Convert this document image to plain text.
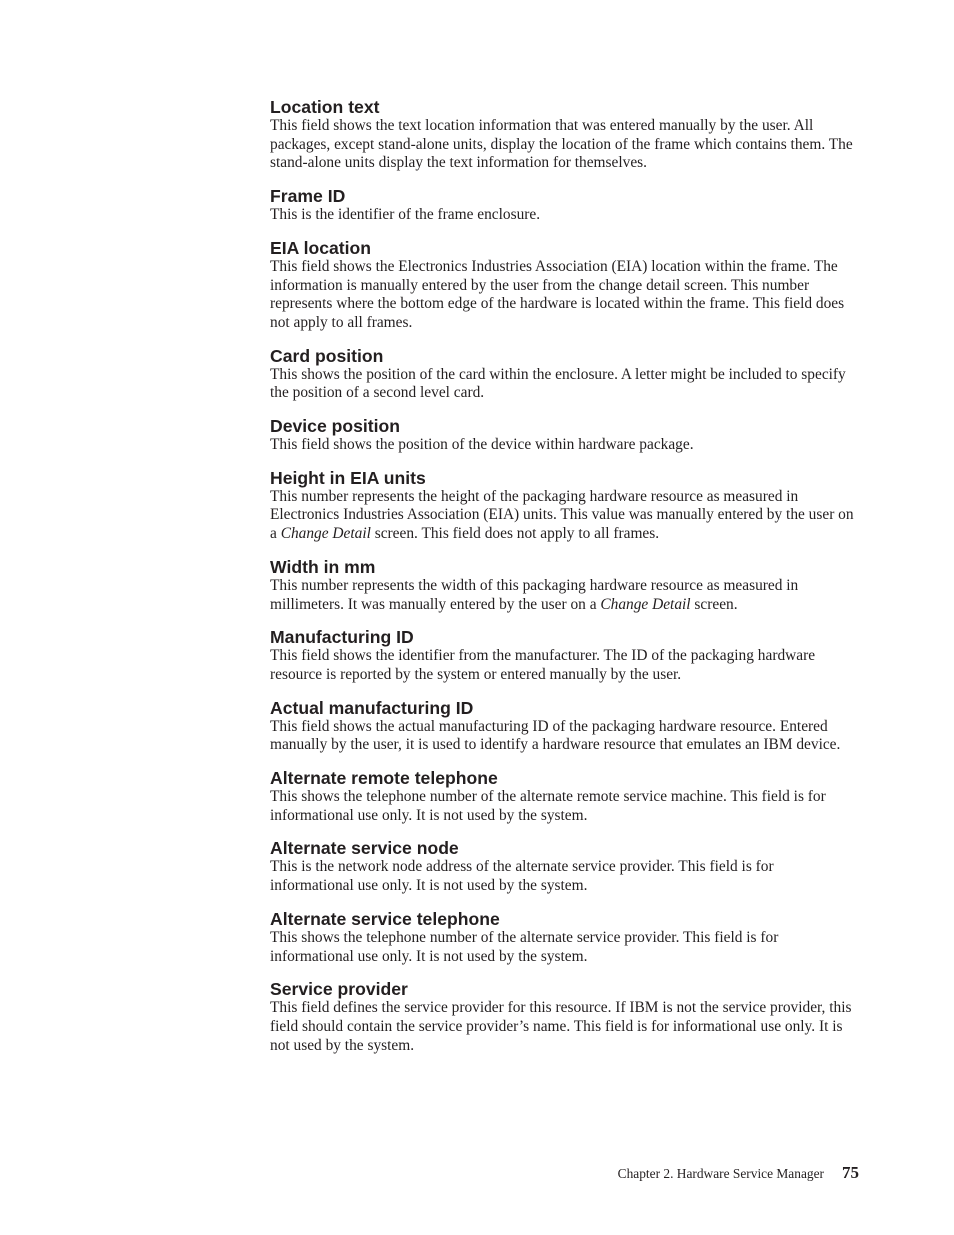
Location text

This field shows the text location information that was entered manually by the user. All packages, except stand-alone units, display the location of the frame which contains them. The stand-alone units display the text information for themselves.

Frame ID

This is the identifier of the frame enclosure.

EIA location

This field shows the Electronics Industries Association (EIA) location within the frame. The information is manually entered by the user from the change detail screen. This number represents where the bottom edge of the hardware is located within the frame. This field does not apply to all frames.

Card position

This shows the position of the card within the enclosure. A letter might be included to specify the position of a second level card.

Device position

This field shows the position of the device within hardware package.

Height in EIA units

This number represents the height of the packaging hardware resource as measured in Electronics Industries Association (EIA) units. This value was manually entered by the user on a Change Detail screen. This field does not apply to all frames.

Width in mm

This number represents the width of this packaging hardware resource as measured in millimeters. It was manually entered by the user on a Change Detail screen.

Manufacturing ID

This field shows the identifier from the manufacturer. The ID of the packaging hardware resource is reported by the system or entered manually by the user.

Actual manufacturing ID

This field shows the actual manufacturing ID of the packaging hardware resource. Entered manually by the user, it is used to identify a hardware resource that emulates an IBM device.

Alternate remote telephone

This shows the telephone number of the alternate remote service machine. This field is for informational use only. It is not used by the system.

Alternate service node

This is the network node address of the alternate service provider. This field is for informational use only. It is not used by the system.

Alternate service telephone

This shows the telephone number of the alternate service provider. This field is for informational use only. It is not used by the system.

Service provider

This field defines the service provider for this resource. If IBM is not the service provider, this field should contain the service provider’s name. This field is for informational use only. It is not used by the system.

Chapter 2. Hardware Service Manager 75
